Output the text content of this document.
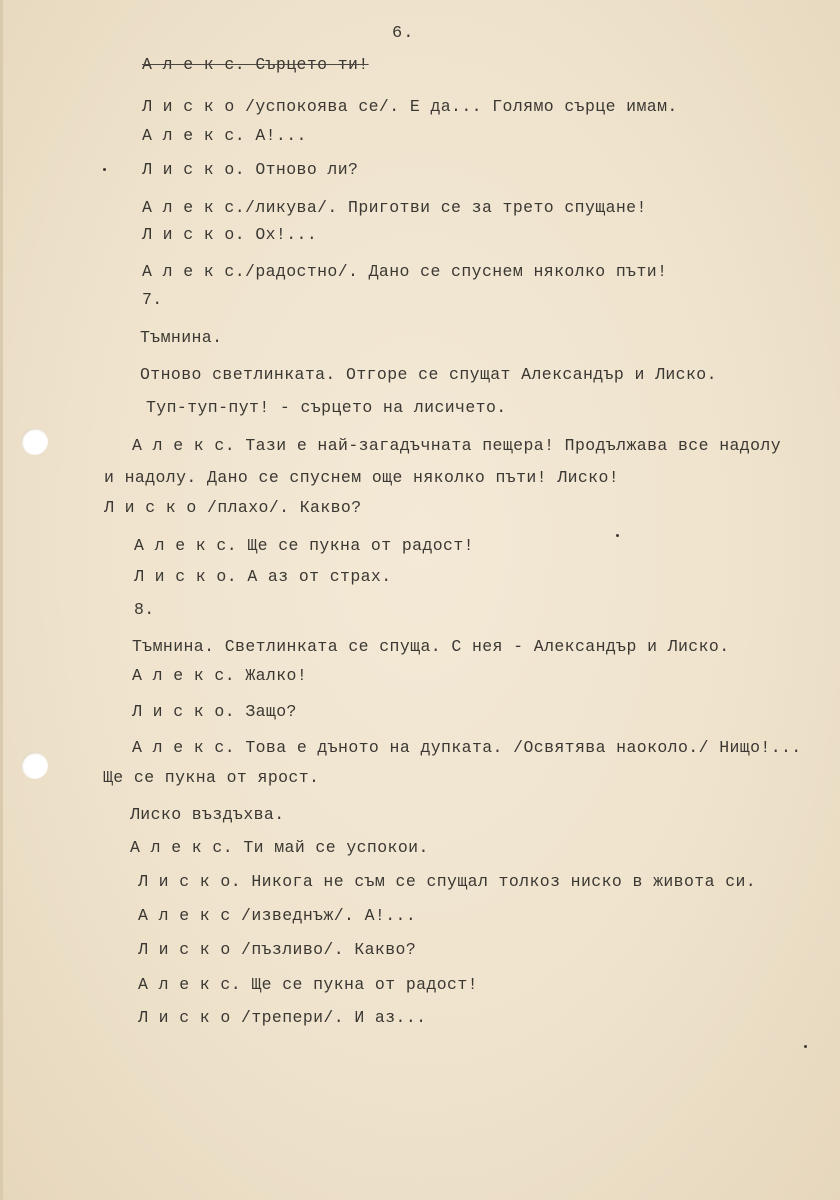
6.
А л е к с. Сърцето ти!
Л и с к о /успокоява се/. Е да... Голямо сърце имам.
А л е к с. А!...
Л и с к о. Отново ли?
А л е к с./ликува/. Приготви се за трето спущане!
Л и с к о. Ох!...
А л е к с./радостно/. Дано се спуснем няколко пъти!
7.
Тъмнина.
Отново светлинката. Отгоре се спущат Александър и Лиско.
Туп-туп-пут! - сърцето на лисичето.
А л е к с. Тази е най-загадъчната пещера! Продължава все надолу
и надолу. Дано се спуснем още няколко пъти! Лиско!
Л и с к о /плахо/. Какво?
А л е к с. Ще се пукна от радост!
Л и с к о. А аз от страх.
8.
Тъмнина. Светлинката се спуща. С нея - Александър и Лиско.
А л е к с. Жалко!
Л и с к о. Защо?
А л е к с. Това е дъното на дупката. /Освятява наоколо./ Нищо!...
Ще се пукна от ярост.
Лиско въздъхва.
А л е к с. Ти май се успокои.
Л и с к о. Никога не съм се спущал толкоз ниско в живота си.
А л е к с /изведнъж/. А!...
Л и с к о /пъзливо/. Какво?
А л е к с. Ще се пукна от радост!
Л и с к о /трепери/. И аз...
